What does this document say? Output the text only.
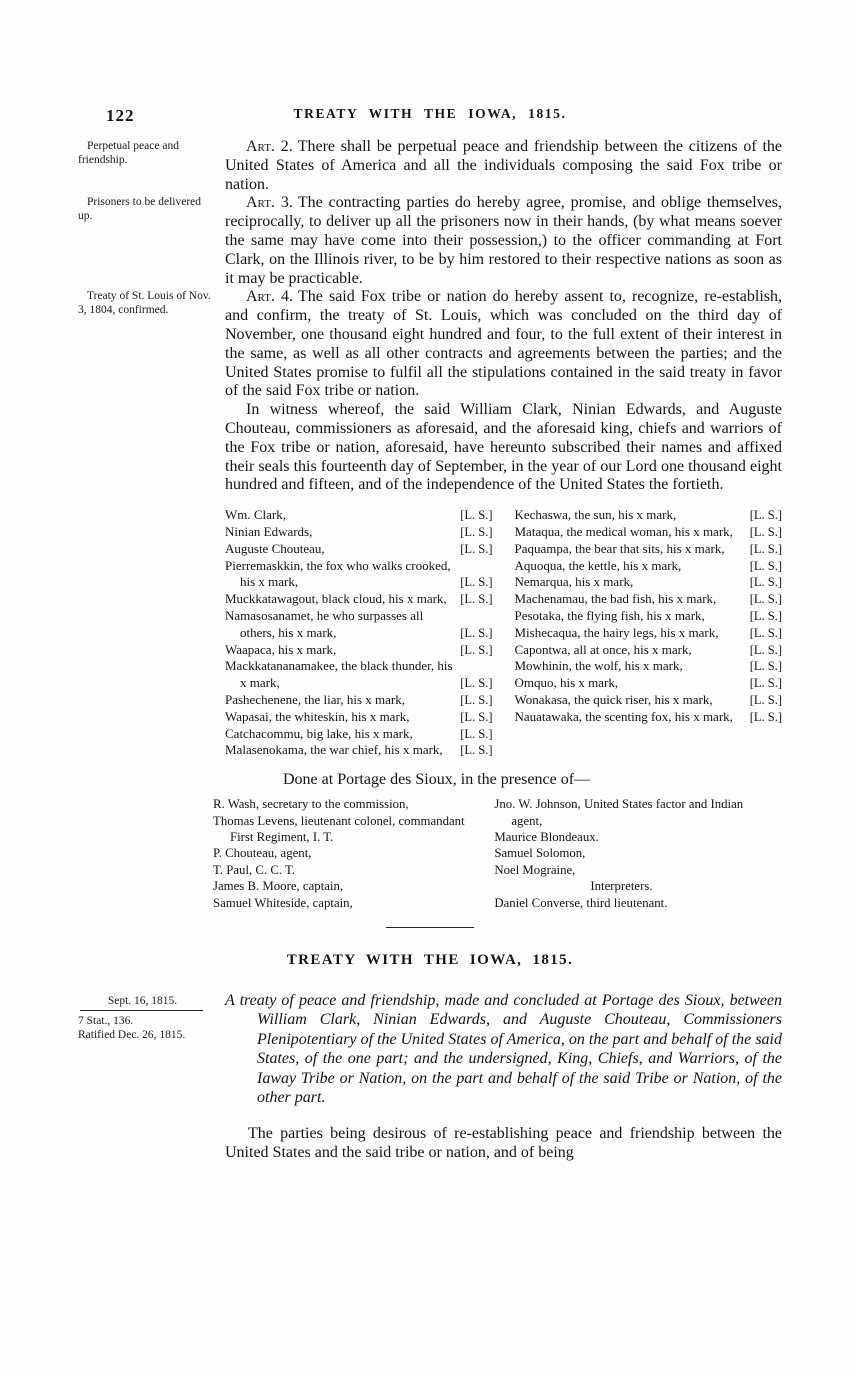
122	TREATY WITH THE IOWA, 1815.
Perpetual peace and friendship.

Art. 2. There shall be perpetual peace and friendship between the citizens of the United States of America and all the individuals composing the said Fox tribe or nation.

Prisoners to be delivered up.

Art. 3. The contracting parties do hereby agree, promise, and oblige themselves, reciprocally, to deliver up all the prisoners now in their hands, (by what means soever the same may have come into their possession,) to the officer commanding at Fort Clark, on the Illinois river, to be by him restored to their respective nations as soon as it may be practicable.

Treaty of St. Louis of Nov. 3, 1804, confirmed.

Art. 4. The said Fox tribe or nation do hereby assent to, recognize, re-establish, and confirm, the treaty of St. Louis, which was concluded on the third day of November, one thousand eight hundred and four, to the full extent of their interest in the same, as well as all other contracts and agreements between the parties; and the United States promise to fulfil all the stipulations contained in the said treaty in favor of the said Fox tribe or nation.

In witness whereof, the said William Clark, Ninian Edwards, and Auguste Chouteau, commissioners as aforesaid, and the aforesaid king, chiefs and warriors of the Fox tribe or nation, aforesaid, have hereunto subscribed their names and affixed their seals this fourteenth day of September, in the year of our Lord one thousand eight hundred and fifteen, and of the independence of the United States the fortieth.

Wm. Clark,	[L. S.]
Ninian Edwards,	[L. S.]
Auguste Chouteau,	[L. S.]
Pierremaskkin, the fox who walks crooked, his x mark,	[L. S.]
Muckkatawagout, black cloud, his x mark,	[L. S.]
Namasosanamet, he who surpasses all others, his x mark,	[L. S.]
Waapaca, his x mark,	[L. S.]
Mackkatananamakee, the black thunder, his x mark,	[L. S.]
Pashechenene, the liar, his x mark,	[L. S.]
Wapasai, the whiteskin, his x mark,	[L. S.]
Catchacommu, big lake, his x mark,	[L. S.]
Malasenokama, the war chief, his x mark,	[L. S.]
Kechaswa, the sun, his x mark,	[L. S.]
Mataqua, the medical woman, his x mark,	[L. S.]
Paquampa, the bear that sits, his x mark,	[L. S.]
Aquoqua, the kettle, his x mark,	[L. S.]
Nemarqua, his x mark,	[L. S.]
Machenamau, the bad fish, his x mark,	[L. S.]
Pesotaka, the flying fish, his x mark,	[L. S.]
Mishecaqua, the hairy legs, his x mark,	[L. S.]
Capontwa, all at once, his x mark,	[L. S.]
Mowhinin, the wolf, his x mark,	[L. S.]
Omquo, his x mark,	[L. S.]
Wonakasa, the quick riser, his x mark,	[L. S.]
Nauatawaka, the scenting fox, his x mark,	[L. S.]

Done at Portage des Sioux, in the presence of—

R. Wash, secretary to the commission,
Thomas Levens, lieutenant colonel, commandant First Regiment, I. T.
P. Chouteau, agent,
T. Paul, C. C. T.
James B. Moore, captain,
Samuel Whiteside, captain,
Jno. W. Johnson, United States factor and Indian agent,
Maurice Blondeaux.
Samuel Solomon,
Noel Mograine,
Interpreters.
Daniel Converse, third lieutenant.
TREATY WITH THE IOWA, 1815.
Sept. 16, 1815.
7 Stat., 136.
Ratified Dec. 26, 1815.

A treaty of peace and friendship, made and concluded at Portage des Sioux, between William Clark, Ninian Edwards, and Auguste Chouteau, Commissioners Plenipotentiary of the United States of America, on the part and behalf of the said States, of the one part; and the undersigned, King, Chiefs, and Warriors, of the Iaway Tribe or Nation, on the part and behalf of the said Tribe or Nation, of the other part.

The parties being desirous of re-establishing peace and friendship between the United States and the said tribe or nation, and of being
